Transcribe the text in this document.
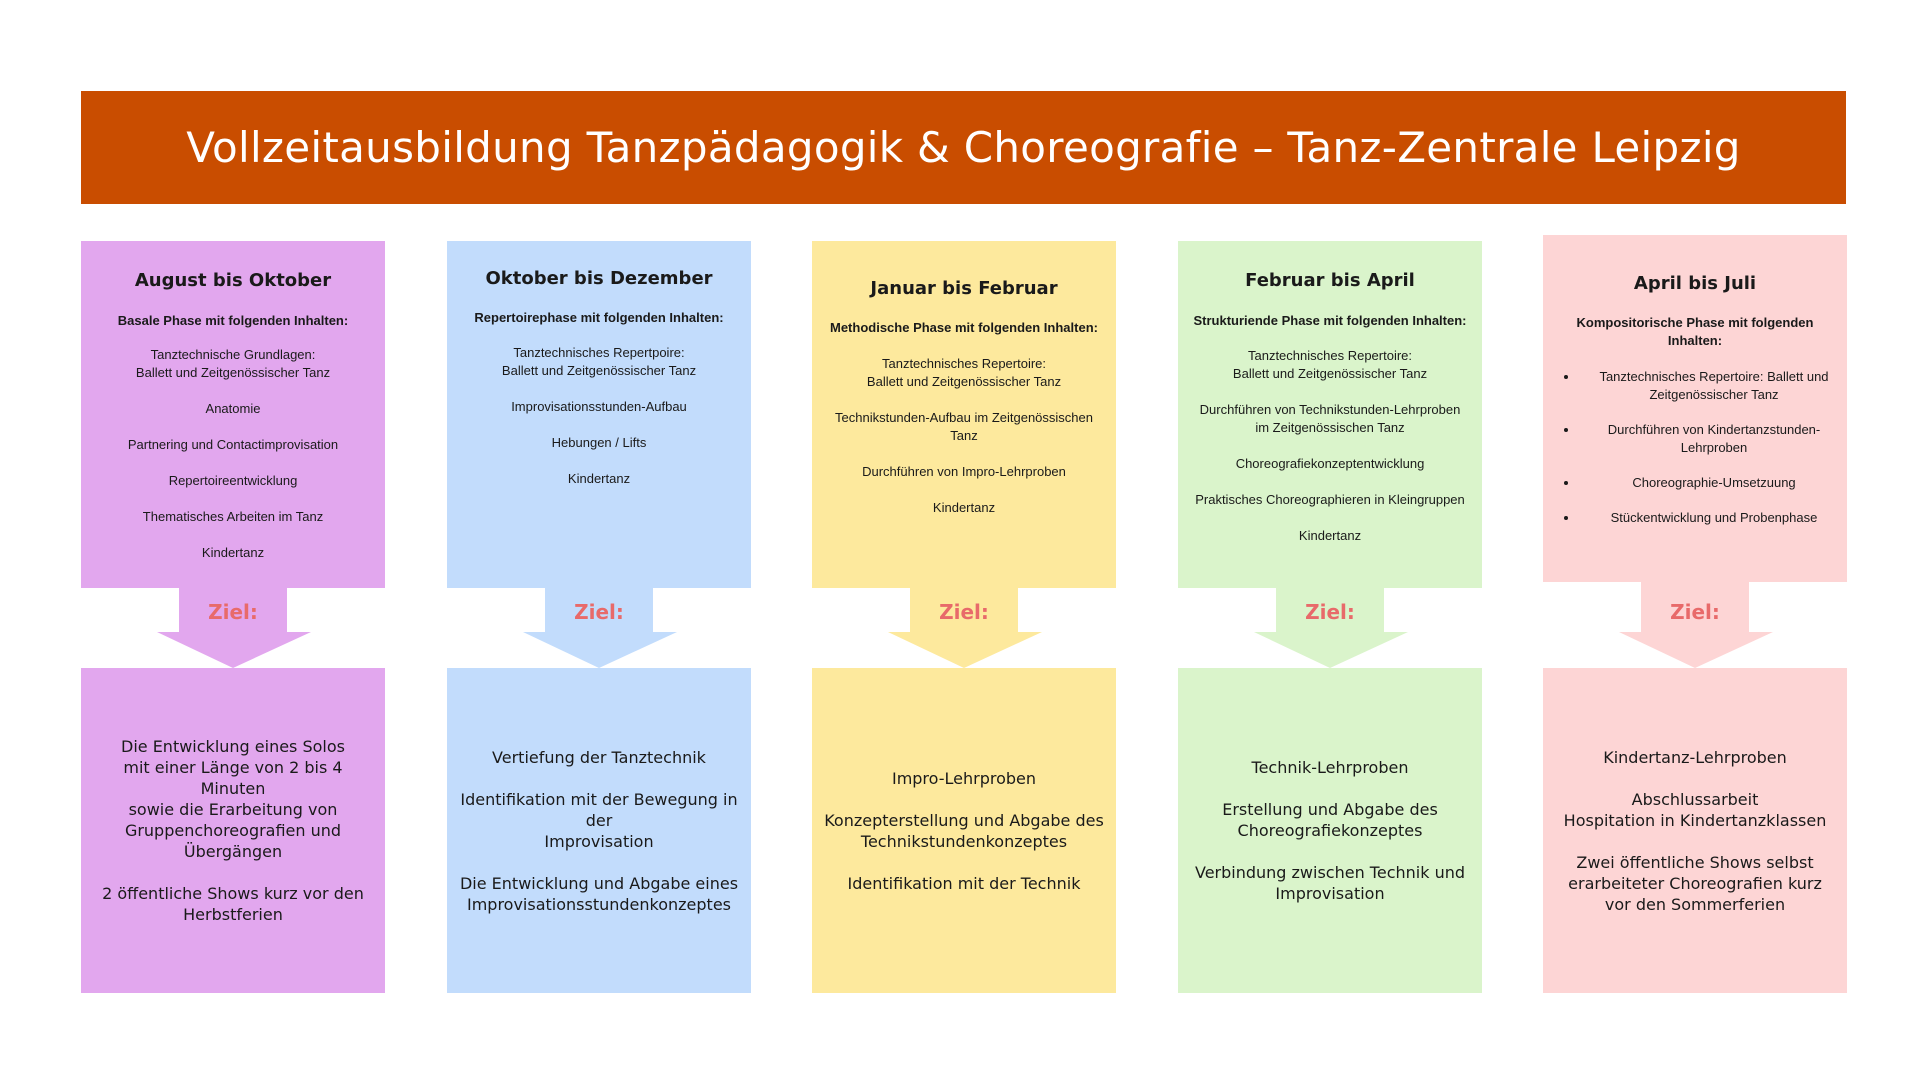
Vollzeitausbildung Tanzpädagogik & Choreografie – Tanz-Zentrale Leipzig
August bis Oktober
Basale Phase mit folgenden Inhalten:
Tanztechnische Grundlagen:
Ballett und Zeitgenössischer Tanz
Anatomie
Partnering und Contactimprovisation
Repertoireentwicklung
Thematisches Arbeiten im Tanz
Kindertanz
Ziel:

Die Entwicklung eines Solos
mit einer Länge von 2 bis 4 Minuten
sowie die Erarbeitung von
Gruppenchoreografien und
Übergängen

2 öffentliche Shows kurz vor den
Herbstferien

Oktober bis Dezember
Repertoirephase mit folgenden Inhalten:
Tanztechnisches Repertpoire:
Ballett und Zeitgenössischer Tanz
Improvisationsstunden-Aufbau
Hebungen / Lifts
Kindertanz
Ziel:

Vertiefung der Tanztechnik

Identifikation mit der Bewegung in der
Improvisation

Die Entwicklung und Abgabe eines
Improvisationsstundenkonzeptes

Januar bis Februar
Methodische Phase mit folgenden Inhalten:
Tanztechnisches Repertoire:
Ballett und Zeitgenössischer Tanz
Technikstunden-Aufbau im Zeitgenössischen
Tanz
Durchführen von Impro-Lehrproben
Kindertanz
Ziel:

Impro-Lehrproben

Konzepterstellung und Abgabe des
Technikstundenkonzeptes

Identifikation mit der Technik

Februar bis April
Strukturiende Phase mit folgenden Inhalten:
Tanztechnisches Repertoire:
Ballett und Zeitgenössischer Tanz
Durchführen von Technikstunden-Lehrproben
im Zeitgenössischen Tanz
Choreografiekonzeptentwicklung
Praktisches Choreographieren in Kleingruppen
Kindertanz
Ziel:

Technik-Lehrproben

Erstellung und Abgabe des
Choreografiekonzeptes

Verbindung zwischen Technik und
Improvisation

April bis Juli
Kompositorische Phase mit folgenden
Inhalten:
• Tanztechnisches Repertoire: Ballett und
Zeitgenössischer Tanz
• Durchführen von Kindertanzstunden-
Lehrproben
• Choreographie-Umsetzuung
• Stückentwicklung und Probenphase
Ziel:

Kindertanz-Lehrproben

Abschlussarbeit
Hospitation in Kindertanzklassen

Zwei öffentliche Shows selbst
erarbeiteter Choreografien kurz
vor den Sommerferien
